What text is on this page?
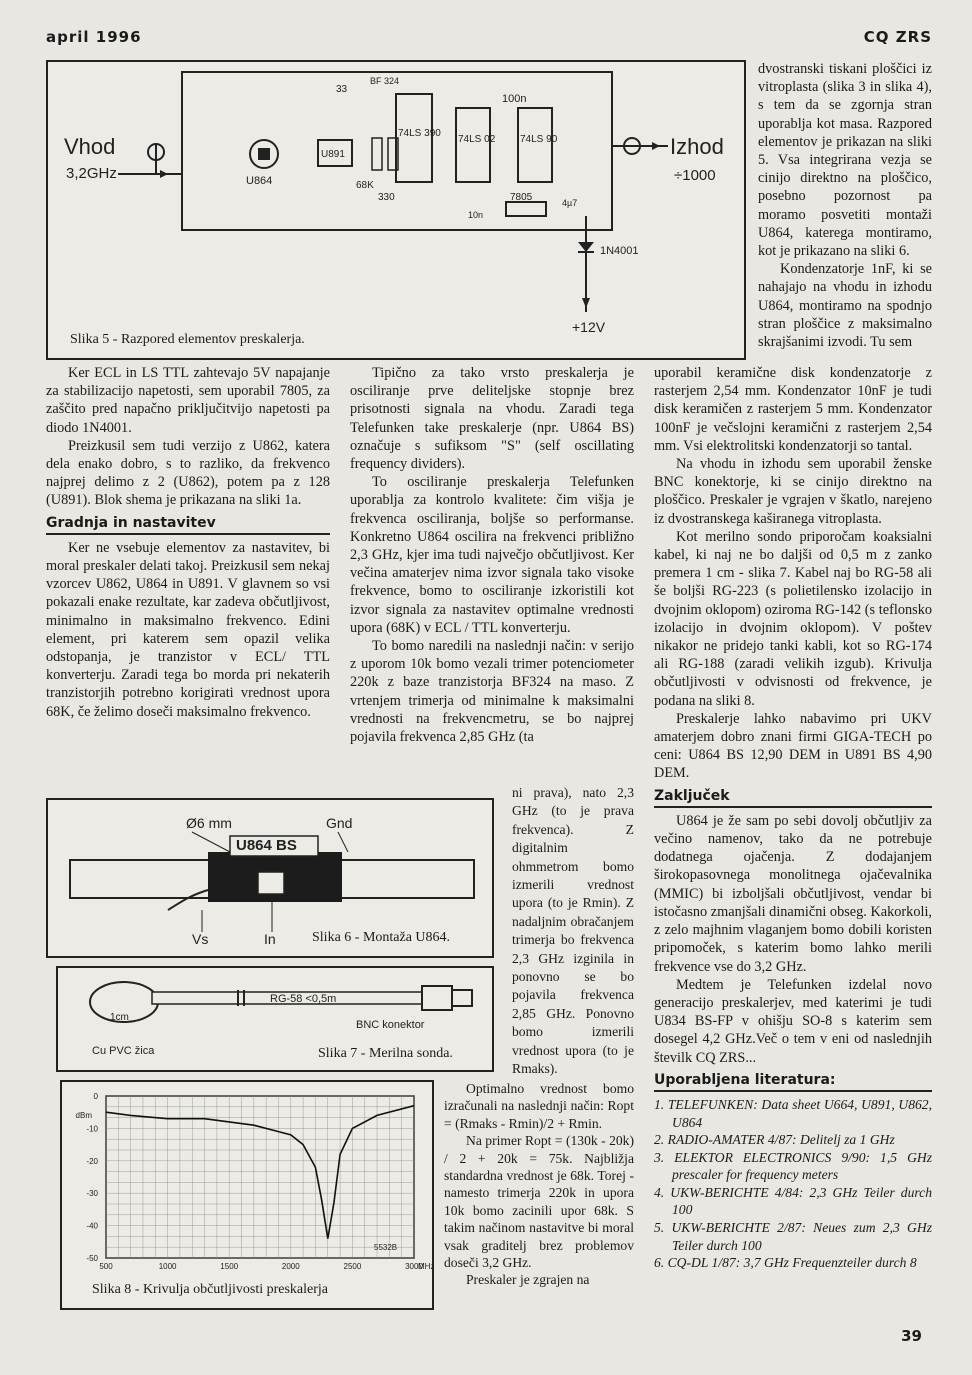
april 1996	CQ ZRS
Vhod
3,2GHz	U864
U891
68K
330
33
BF 324
74LS 390
74LS 02 74LS 90
100n
7805
10n
4µ7
Izhod
÷1000
1N4001
+12V
Slika 5 - Razpored elementov preskalerja.

dvostranski tiskani ploščici iz vitroplasta (slika 3 in slika 4), s tem da se zgornja stran uporablja kot masa. Razpored elementov je prikazan na sliki 5. Vsa integrirana vezja se cinijo direktno na ploščico, posebno pozornost pa moramo posvetiti montaži U864, katerega montiramo, kot je prikazano na sliki 6.

Kondenzatorje 1nF, ki se nahajajo na vhodu in izhodu U864, montiramo na spodnjo stran ploščice z maksimalno skrajšanimi izvodi. Tu sem

Ker ECL in LS TTL zahtevajo 5V napajanje za stabilizacijo napetosti, sem uporabil 7805, za zaščito pred napačno priključitvijo napetosti pa diodo 1N4001.

Preizkusil sem tudi verzijo z U862, katera dela enako dobro, s to razliko, da frekvenco najprej delimo z 2 (U862), potem pa z 128 (U891). Blok shema je prikazana na sliki 1a.

Gradnja in nastavitev

Ker ne vsebuje elementov za nastavitev, bi moral preskaler delati takoj. Preizkusil sem nekaj vzorcev U862, U864 in U891. V glavnem so vsi pokazali enake rezultate, kar zadeva občutljivost, minimalno in maksimalno frekvenco. Edini element, pri katerem sem opazil velika odstopanja, je tranzistor v ECL/ TTL konverterju. Zaradi tega bo morda pri nekaterih tranzistorjih potrebno korigirati vrednost upora 68K, če želimo doseči maksimalno frekvenco.

Tipično za tako vrsto preskalerja je osciliranje prve deliteljske stopnje brez prisotnosti signala na vhodu. Zaradi tega Telefunken take preskalerje (npr. U864 BS) označuje s sufiksom "S" (self oscillating frequency dividers).

To osciliranje preskalerja Telefunken uporablja za kontrolo kvalitete: čim višja je frekvenca osciliranja, boljše so performanse. Konkretno U864 oscilira na frekvenci približno 2,3 GHz, kjer ima tudi največjo občutljivost. Ker večina amaterjev nima izvor signala tako visoke frekvence, bomo to osciliranje izkoristili kot izvor signala za nastavitev optimalne vrednosti upora (68K) v ECL / TTL konverterju.

To bomo naredili na naslednji način: v serijo z uporom 10k bomo vezali trimer potenciometer 220k z baze tranzistorja BF324 na maso. Z vrtenjem trimerja od minimalne k maksimalni vrednosti na frekvencmetru, se bo najprej pojavila frekvenca 2,85 GHz (ta

ni prava), nato 2,3 GHz (to je prava frekvenca). Z digitalnim ohmmetrom bomo izmerili vrednost upora (to je Rmin). Z nadaljnim obračanjem trimerja bo frekvenca 2,3 GHz izginila in ponovno se bo pojavila frekvenca 2,85 GHz. Ponovno bomo izmerili vrednost upora (to je Rmaks).

Optimalno vrednost bomo izračunali na naslednji način: Ropt = (Rmaks - Rmin)/2 + Rmin.

Na primer Ropt = (130k - 20k) / 2 + 20k = 75k. Najbližja standardna vrednost je 68k. Torej - namesto trimerja 220k in upora 10k bomo zacinili upor 68k. S takim načinom nastavitve bi moral vsak graditelj brez problemov doseči 3,2 GHz.

Preskaler je zgrajen na

uporabil keramične disk kondenzatorje z rasterjem 2,54 mm. Kondenzator 10nF je tudi disk keramičen z rasterjem 5 mm. Kondenzator 100nF je večslojni keramični z rasterjem 2,54 mm. Vsi elektrolitski kondenzatorji so tantal.

Na vhodu in izhodu sem uporabil ženske BNC konektorje, ki se cinijo direktno na ploščico. Preskaler je vgrajen v škatlo, narejeno iz dvostranskega kaširanega vitroplasta.

Kot merilno sondo priporočam koaksialni kabel, ki naj ne bo daljši od 0,5 m z zanko premera 1 cm - slika 7. Kabel naj bo RG-58 ali še boljši RG-223 (s polietilensko izolacijo in dvojnim oklopom) oziroma RG-142 (s teflonsko izolacijo in dvojnim oklopom). V poštev nikakor ne pridejo tanki kabli, kot so RG-174 ali RG-188 (zaradi velikih izgub). Krivulja občutljivosti v odvisnosti od frekvence, je podana na sliki 8.

Preskalerje lahko nabavimo pri UKV amaterjem dobro znani firmi GIGA-TECH po ceni: U864 BS 12,90 DEM in U891 BS 4,90 DEM.

Zaključek

U864 je že sam po sebi dovolj občutljiv za večino namenov, tako da ne potrebuje dodatnega ojačenja. Z dodajanjem širokopasovnega monolitnega ojačevalnika (MMIC) bi izboljšali občutljivost, vendar bi istočasno zmanjšali dinamični obseg. Kakorkoli, z zelo majhnim vlaganjem bomo dobili koristen pripomoček, s katerim bomo lahko merili frekvence vse do 3,2 GHz.

Medtem je Telefunken izdelal novo generacijo preskalerjev, med katerimi je tudi U834 BS-FP v ohišju SO-8 s katerim sem dosegel 4,2 GHz.Več o tem v eni od naslednjih številk CQ ZRS...

Uporabljena literatura:
1. TELEFUNKEN: Data sheet U664, U891, U862, U864
2. RADIO-AMATER 4/87: Delitelj za 1 GHz
3. ELEKTOR ELECTRONICS 9/90: 1,5 GHz prescaler for frequency meters
4. UKW-BERICHTE 4/84: 2,3 GHz Teiler durch 100
5. UKW-BERICHTE 2/87: Neues zum 2,3 GHz Teiler durch 100
6. CQ-DL 1/87: 3,7 GHz Frequenzteiler durch 8
U864 BS
Ø6 mm	Gnd
Vs	In	Slika 6 - Montaža U864.
RG-58 <0,5m
BNC konektor
1cm
Cu PVC žica	Slika 7 - Merilna sonda.
0
-10
-20
-30
-40
-50
500	1000	1500	2000	2500	3000
dBm
MHz
5532B
Slika 8 - Krivulja občutljivosti preskalerja
39
